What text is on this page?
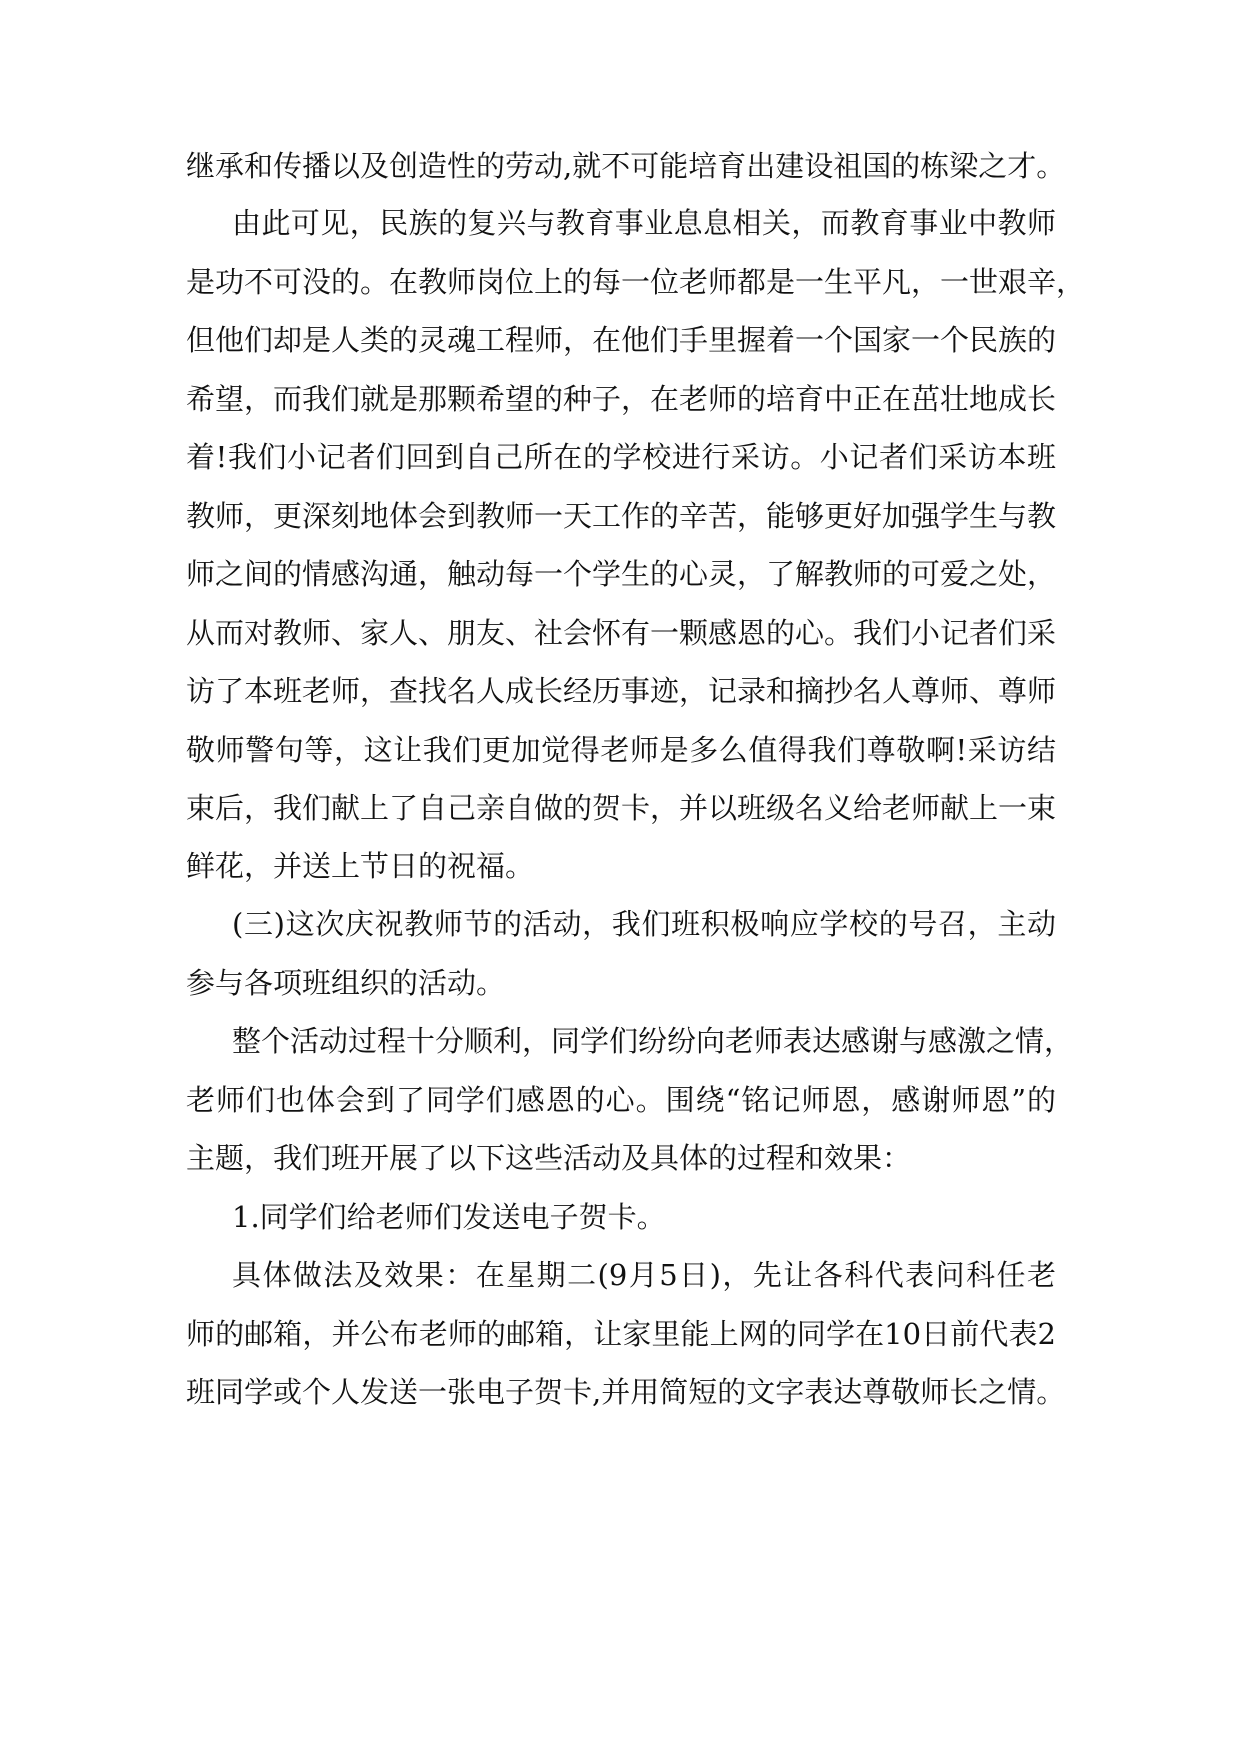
继承和传播以及创造性的劳动,就不可能培育出建设祖国的栋梁之才。

由此可见，民族的复兴与教育事业息息相关，而教育事业中教师

是功不可没的。在教师岗位上的每一位老师都是一生平凡，一世艰辛，

但他们却是人类的灵魂工程师，在他们手里握着一个国家一个民族的

希望，而我们就是那颗希望的种子，在老师的培育中正在茁壮地成长

着!我们小记者们回到自己所在的学校进行采访。小记者们采访本班

教师，更深刻地体会到教师一天工作的辛苦，能够更好加强学生与教

师之间的情感沟通，触动每一个学生的心灵，了解教师的可爱之处，

从而对教师、家人、朋友、社会怀有一颗感恩的心。我们小记者们采

访了本班老师，查找名人成长经历事迹，记录和摘抄名人尊师、尊师

敬师警句等，这让我们更加觉得老师是多么值得我们尊敬啊!采访结

束后，我们献上了自己亲自做的贺卡，并以班级名义给老师献上一束

鲜花，并送上节日的祝福。

(三)这次庆祝教师节的活动，我们班积极响应学校的号召，主动

参与各项班组织的活动。

整个活动过程十分顺利，同学们纷纷向老师表达感谢与感激之情，

老师们也体会到了同学们感恩的心。围绕“铭记师恩，感谢师恩”的

主题，我们班开展了以下这些活动及具体的过程和效果：

1.同学们给老师们发送电子贺卡。

具体做法及效果：在星期二(9月5日)，先让各科代表问科任老

师的邮箱，并公布老师的邮箱，让家里能上网的同学在10日前代表2

班同学或个人发送一张电子贺卡,并用简短的文字表达尊敬师长之情。
